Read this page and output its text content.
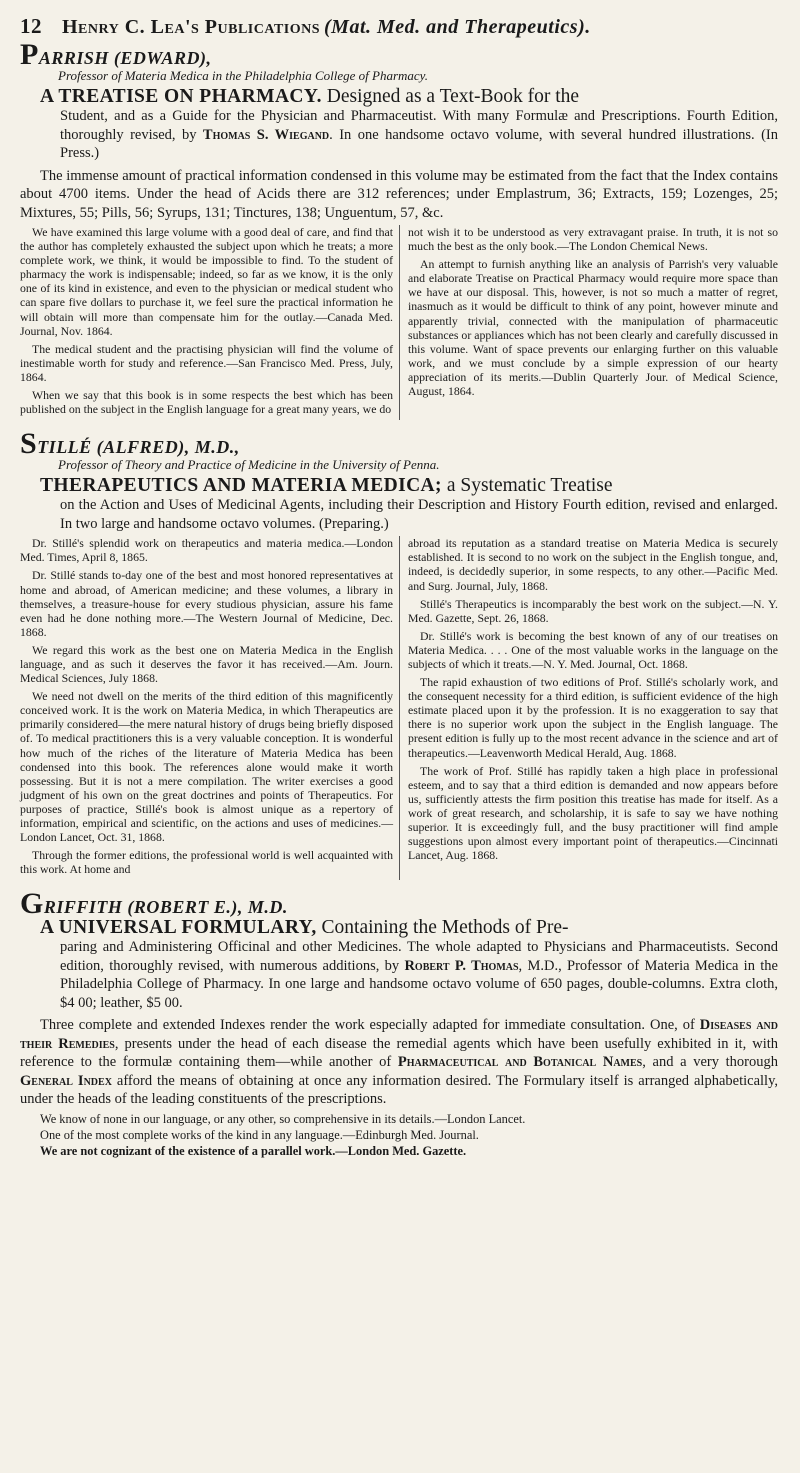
12	Henry C. Lea's Publications (Mat. Med. and Therapeutics).

PARRISH (EDWARD),

Professor of Materia Medica in the Philadelphia College of Pharmacy.

A TREATISE ON PHARMACY. Designed as a Text-Book for the

Student, and as a Guide for the Physician and Pharmaceutist. With many Formulæ and Prescriptions. Fourth Edition, thoroughly revised, by Thomas S. Wiegand. In one handsome octavo volume, with several hundred illustrations. (In Press.)

The immense amount of practical information condensed in this volume may be estimated from the fact that the Index contains about 4700 items. Under the head of Acids there are 312 references; under Emplastrum, 36; Extracts, 159; Lozenges, 25; Mixtures, 55; Pills, 56; Syrups, 131; Tinctures, 138; Unguentum, 57, &c.

We have examined this large volume with a good deal of care, and find that the author has completely exhausted the subject upon which he treats; a more complete work, we think, it would be impossible to find. To the student of pharmacy the work is indispensable; indeed, so far as we know, it is the only one of its kind in existence, and even to the physician or medical student who can spare five dollars to purchase it, we feel sure the practical information he will obtain will more than compensate him for the outlay.—Canada Med. Journal, Nov. 1864.

The medical student and the practising physician will find the volume of inestimable worth for study and reference.—San Francisco Med. Press, July, 1864.

When we say that this book is in some respects the best which has been published on the subject in the English language for a great many years, we do

not wish it to be understood as very extravagant praise. In truth, it is not so much the best as the only book.—The London Chemical News.

An attempt to furnish anything like an analysis of Parrish's very valuable and elaborate Treatise on Practical Pharmacy would require more space than we have at our disposal. This, however, is not so much a matter of regret, inasmuch as it would be difficult to think of any point, however minute and apparently trivial, connected with the manipulation of pharmaceutic substances or appliances which has not been clearly and carefully discussed in this volume. Want of space prevents our enlarging further on this valuable work, and we must conclude by a simple expression of our hearty appreciation of its merits.—Dublin Quarterly Jour. of Medical Science, August, 1864.

STILLÉ (ALFRED), M.D.,

Professor of Theory and Practice of Medicine in the University of Penna.

THERAPEUTICS AND MATERIA MEDICA; a Systematic Treatise

on the Action and Uses of Medicinal Agents, including their Description and History Fourth edition, revised and enlarged. In two large and handsome octavo volumes. (Preparing.)

Dr. Stillé's splendid work on therapeutics and materia medica.—London Med. Times, April 8, 1865.

Dr. Stillé stands to-day one of the best and most honored representatives at home and abroad, of American medicine; and these volumes, a library in themselves, a treasure-house for every studious physician, assure his fame even had he done nothing more.—The Western Journal of Medicine, Dec. 1868.

We regard this work as the best one on Materia Medica in the English language, and as such it deserves the favor it has received.—Am. Journ. Medical Sciences, July 1868.

We need not dwell on the merits of the third edition of this magnificently conceived work. It is the work on Materia Medica, in which Therapeutics are primarily considered—the mere natural history of drugs being briefly disposed of. To medical practitioners this is a very valuable conception. It is wonderful how much of the riches of the literature of Materia Medica has been condensed into this book. The references alone would make it worth possessing. But it is not a mere compilation. The writer exercises a good judgment of his own on the great doctrines and points of Therapeutics. For purposes of practice, Stillé's book is almost unique as a repertory of information, empirical and scientific, on the actions and uses of medicines.—London Lancet, Oct. 31, 1868.

Through the former editions, the professional world is well acquainted with this work. At home and

abroad its reputation as a standard treatise on Materia Medica is securely established. It is second to no work on the subject in the English tongue, and, indeed, is decidedly superior, in some respects, to any other.—Pacific Med. and Surg. Journal, July, 1868.

Stillé's Therapeutics is incomparably the best work on the subject.—N. Y. Med. Gazette, Sept. 26, 1868.

Dr. Stillé's work is becoming the best known of any of our treatises on Materia Medica. . . . One of the most valuable works in the language on the subjects of which it treats.—N. Y. Med. Journal, Oct. 1868.

The rapid exhaustion of two editions of Prof. Stillé's scholarly work, and the consequent necessity for a third edition, is sufficient evidence of the high estimate placed upon it by the profession. It is no exaggeration to say that there is no superior work upon the subject in the English language. The present edition is fully up to the most recent advance in the science and art of therapeutics.—Leavenworth Medical Herald, Aug. 1868.

The work of Prof. Stillé has rapidly taken a high place in professional esteem, and to say that a third edition is demanded and now appears before us, sufficiently attests the firm position this treatise has made for itself. As a work of great research, and scholarship, it is safe to say we have nothing superior. It is exceedingly full, and the busy practitioner will find ample suggestions upon almost every important point of therapeutics.—Cincinnati Lancet, Aug. 1868.

GRIFFITH (ROBERT E.), M.D.

A UNIVERSAL FORMULARY, Containing the Methods of Pre-

paring and Administering Officinal and other Medicines. The whole adapted to Physicians and Pharmaceutists. Second edition, thoroughly revised, with numerous additions, by Robert P. Thomas, M.D., Professor of Materia Medica in the Philadelphia College of Pharmacy. In one large and handsome octavo volume of 650 pages, double-columns. Extra cloth, $4 00; leather, $5 00.

Three complete and extended Indexes render the work especially adapted for immediate consultation. One, of Diseases and their Remedies, presents under the head of each disease the remedial agents which have been usefully exhibited in it, with reference to the formulæ containing them—while another of Pharmaceutical and Botanical Names, and a very thorough General Index afford the means of obtaining at once any information desired. The Formulary itself is arranged alphabetically, under the heads of the leading constituents of the prescriptions.

We know of none in our language, or any other, so comprehensive in its details.—London Lancet.

One of the most complete works of the kind in any language.—Edinburgh Med. Journal.

We are not cognizant of the existence of a parallel work.—London Med. Gazette.
